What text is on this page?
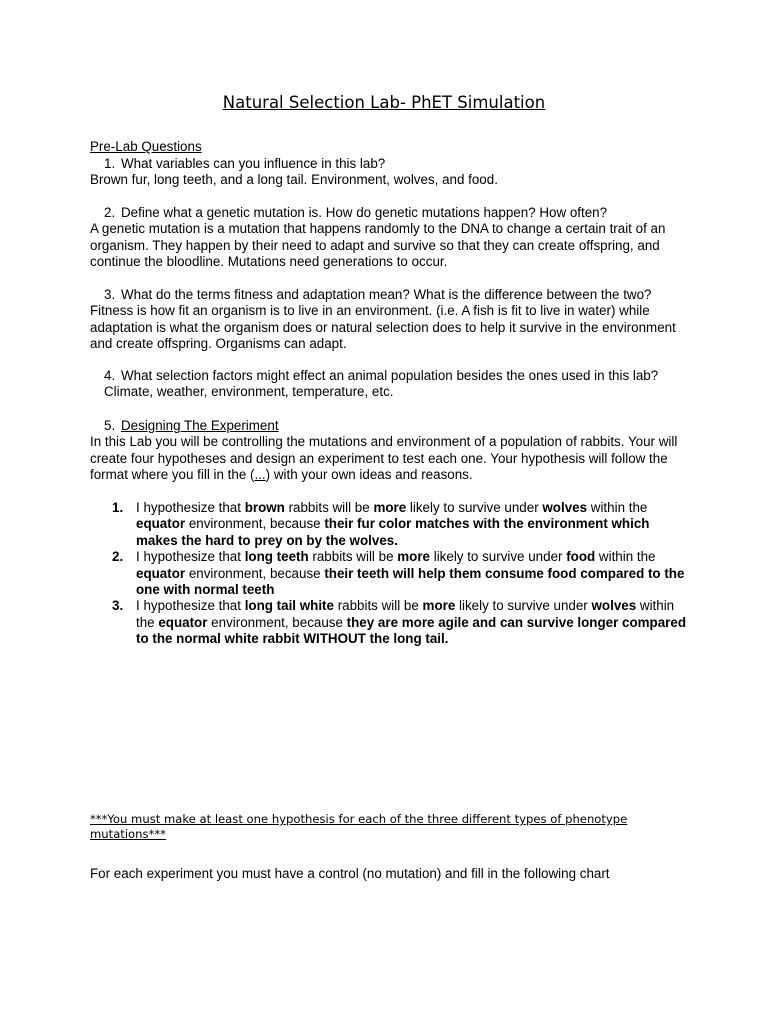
Natural Selection Lab- PhET Simulation
Pre-Lab Questions
1. What variables can you influence in this lab?
Brown fur, long teeth, and a long tail. Environment, wolves, and food.
2. Define what a genetic mutation is. How do genetic mutations happen? How often?
A genetic mutation is a mutation that happens randomly to the DNA to change a certain trait of an organism. They happen by their need to adapt and survive so that they can create offspring, and continue the bloodline. Mutations need generations to occur.
3. What do the terms fitness and adaptation mean? What is the difference between the two?
Fitness is how fit an organism is to live in an environment. (i.e. A fish is fit to live in water) while adaptation is what the organism does or natural selection does to help it survive in the environment and create offspring. Organisms can adapt.
4. What selection factors might effect an animal population besides the ones used in this lab?
Climate, weather, environment, temperature, etc.
5. Designing The Experiment
In this Lab you will be controlling the mutations and environment of a population of rabbits. Your will create four hypotheses and design an experiment to test each one. Your hypothesis will follow the format where you fill in the (...) with your own ideas and reasons.
1. I hypothesize that brown rabbits will be more likely to survive under wolves within the equator environment, because their fur color matches with the environment which makes the hard to prey on by the wolves.
2. I hypothesize that long teeth rabbits will be more likely to survive under food within the equator environment, because their teeth will help them consume food compared to the one with normal teeth
3. I hypothesize that long tail white rabbits will be more likely to survive under wolves within the equator environment, because they are more agile and can survive longer compared to the normal white rabbit WITHOUT the long tail.
***You must make at least one hypothesis for each of the three different types of phenotype mutations***
For each experiment you must have a control (no mutation) and fill in the following chart
